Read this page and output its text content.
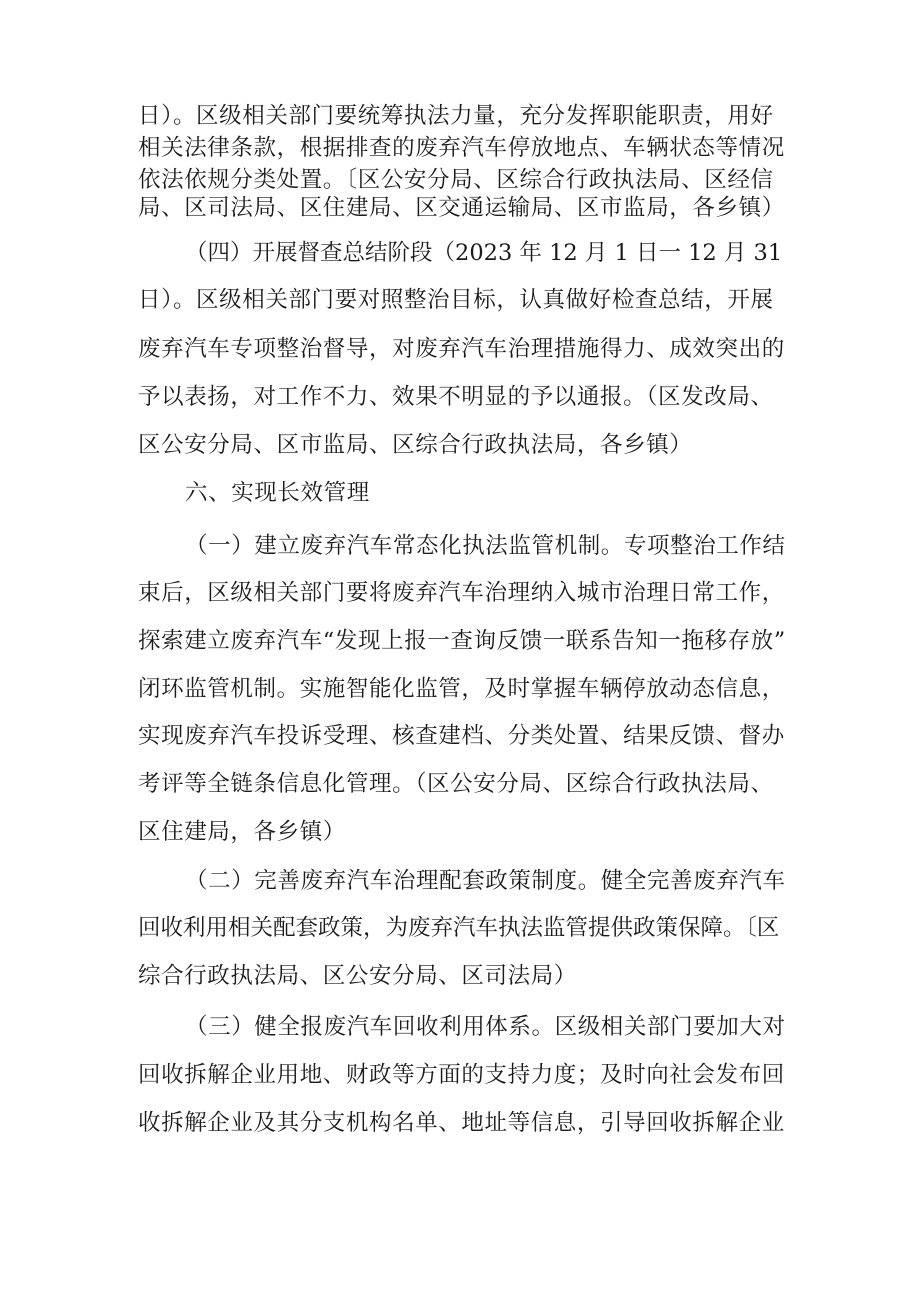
日）。区级相关部门要统筹执法力量，充分发挥职能职责，用好
相关法律条款，根据排查的废弃汽车停放地点、车辆状态等情况
依法依规分类处置。〔区公安分局、区综合行政执法局、区经信
局、区司法局、区住建局、区交通运输局、区市监局，各乡镇）
（四）开展督查总结阶段（2023 年 12 月 1 日一 12 月 31
日）。区级相关部门要对照整治目标，认真做好检查总结，开展
废弃汽车专项整治督导，对废弃汽车治理措施得力、成效突出的
予以表扬，对工作不力、效果不明显的予以通报。（区发改局、
区公安分局、区市监局、区综合行政执法局，各乡镇）
六、实现长效管理
（一）建立废弃汽车常态化执法监管机制。专项整治工作结
束后，区级相关部门要将废弃汽车治理纳入城市治理日常工作，
探索建立废弃汽车“发现上报一查询反馈一联系告知一拖移存放”
闭环监管机制。实施智能化监管，及时掌握车辆停放动态信息，
实现废弃汽车投诉受理、核查建档、分类处置、结果反馈、督办
考评等全链条信息化管理。（区公安分局、区综合行政执法局、
区住建局，各乡镇）
（二）完善废弃汽车治理配套政策制度。健全完善废弃汽车
回收利用相关配套政策，为废弃汽车执法监管提供政策保障。〔区
综合行政执法局、区公安分局、区司法局）
（三）健全报废汽车回收利用体系。区级相关部门要加大对
回收拆解企业用地、财政等方面的支持力度；及时向社会发布回
收拆解企业及其分支机构名单、地址等信息，引导回收拆解企业
